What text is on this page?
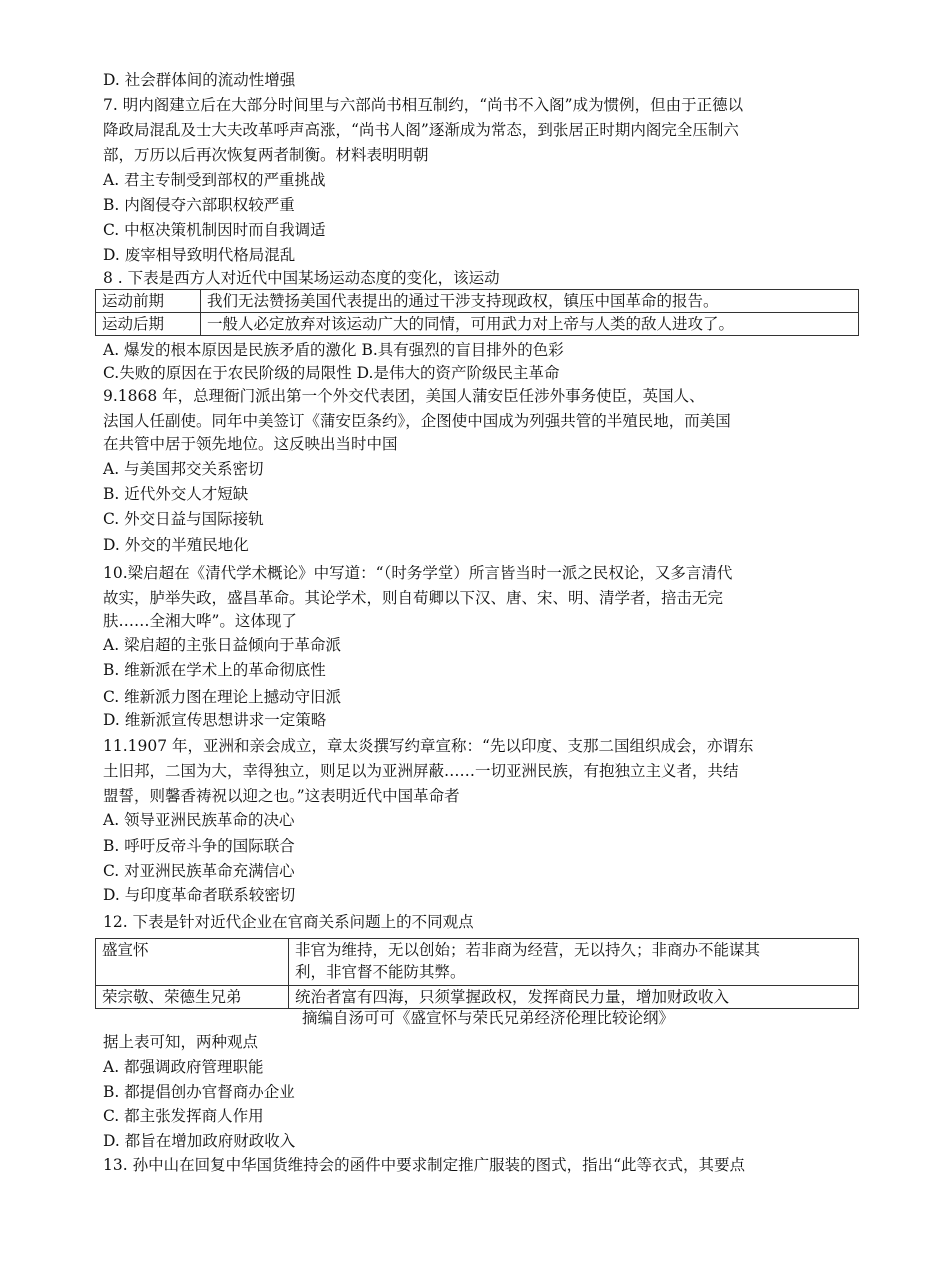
D. 社会群体间的流动性增强
7. 明内阁建立后在大部分时间里与六部尚书相互制约，“尚书不入阁”成为惯例，但由于正德以
降政局混乱及士大夫改革呼声高涨，“尚书人阁”逐渐成为常态，到张居正时期内阁完全压制六
部，万历以后再次恢复两者制衡。材料表明明朝
A. 君主专制受到部权的严重挑战
B. 内阁侵夺六部职权较严重
C. 中枢决策机制因时而自我调适
D. 废宰相导致明代格局混乱
8 . 下表是西方人对近代中国某场运动态度的变化，该运动
运动前期	我们无法赞扬美国代表提出的通过干涉支持现政权，镇压中国革命的报告。
运动后期	一般人必定放弃对该运动广大的同情，可用武力对上帝与人类的敌人进攻了。
A. 爆发的根本原因是民族矛盾的激化 B.具有强烈的盲目排外的色彩
C.失败的原因在于农民阶级的局限性 D.是伟大的资产阶级民主革命
9.1868 年，总理衙门派出第一个外交代表团，美国人蒲安臣任涉外事务使臣，英国人、
法国人任副使。同年中美签订《蒲安臣条约》，企图使中国成为列强共管的半殖民地，而美国
在共管中居于领先地位。这反映出当时中国
A. 与美国邦交关系密切
B. 近代外交人才短缺
C. 外交日益与国际接轨
D. 外交的半殖民地化
10.梁启超在《清代学术概论》中写道：“（时务学堂）所言皆当时一派之民权论，又多言清代
故实，胪举失政，盛昌革命。其论学术，则自荀卿以下汉、唐、宋、明、清学者，掊击无完
肤……全湘大哗”。这体现了
A. 梁启超的主张日益倾向于革命派
B. 维新派在学术上的革命彻底性
C. 维新派力图在理论上撼动守旧派
D. 维新派宣传思想讲求一定策略
11.1907 年，亚洲和亲会成立，章太炎撰写约章宣称：“先以印度、支那二国组织成会，亦谓东
土旧邦，二国为大，幸得独立，则足以为亚洲屏蔽……一切亚洲民族，有抱独立主义者，共结
盟誓，则馨香祷祝以迎之也。”这表明近代中国革命者
A. 领导亚洲民族革命的决心
B. 呼吁反帝斗争的国际联合
C. 对亚洲民族革命充满信心
D. 与印度革命者联系较密切
12. 下表是针对近代企业在官商关系问题上的不同观点
盛宣怀	非官为维持，无以创始；若非商为经营，无以持久；非商办不能谋其
利，非官督不能防其弊。

荣宗敬、荣德生兄弟	统治者富有四海，只须掌握政权，发挥商民力量，增加财政收入
摘编自汤可可《盛宣怀与荣氏兄弟经济伦理比较论纲》
据上表可知，两种观点
A. 都强调政府管理职能
B. 都提倡创办官督商办企业
C. 都主张发挥商人作用
D. 都旨在增加政府财政收入
13. 孙中山在回复中华国货维持会的函件中要求制定推广服装的图式，指出“此等衣式，其要点
